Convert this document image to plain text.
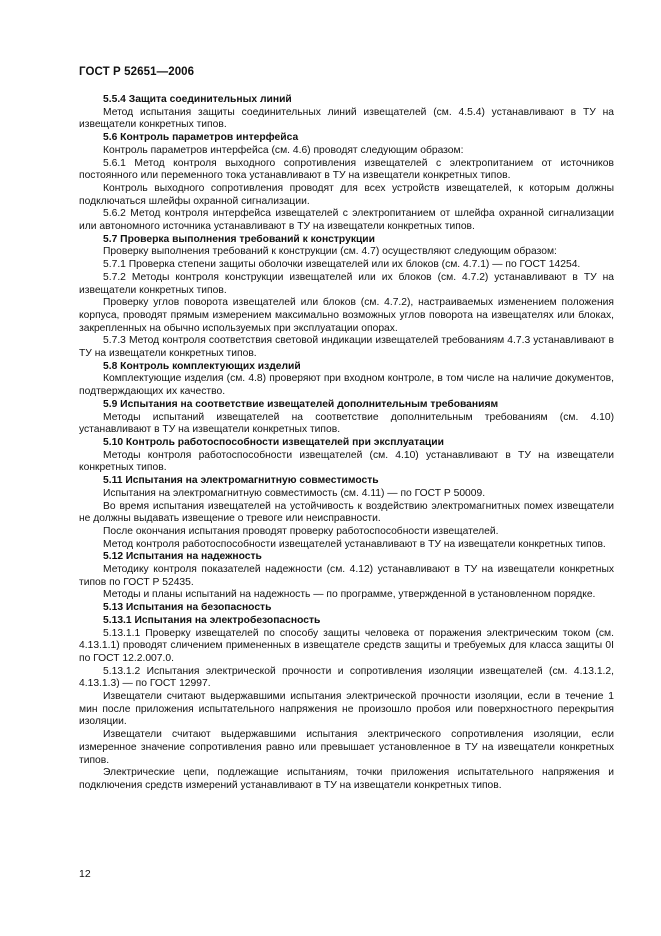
ГОСТ Р 52651—2006

5.5.4 Защита соединительных линий

Метод испытания защиты соединительных линий извещателей (см. 4.5.4) устанавливают в ТУ на извещатели конкретных типов.

5.6 Контроль параметров интерфейса

Контроль параметров интерфейса (см. 4.6) проводят следующим образом:

5.6.1 Метод контроля выходного сопротивления извещателей с электропитанием от источников постоянного или переменного тока устанавливают в ТУ на извещатели конкретных типов.

Контроль выходного сопротивления проводят для всех устройств извещателей, к которым должны подключаться шлейфы охранной сигнализации.

5.6.2 Метод контроля интерфейса извещателей с электропитанием от шлейфа охранной сигнализации или автономного источника устанавливают в ТУ на извещатели конкретных типов.

5.7 Проверка выполнения требований к конструкции

Проверку выполнения требований к конструкции (см. 4.7) осуществляют следующим образом:

5.7.1 Проверка степени защиты оболочки извещателей или их блоков (см. 4.7.1) — по ГОСТ 14254.

5.7.2 Методы контроля конструкции извещателей или их блоков (см. 4.7.2) устанавливают в ТУ на извещатели конкретных типов.

Проверку углов поворота извещателей или блоков (см. 4.7.2), настраиваемых изменением положения корпуса, проводят прямым измерением максимально возможных углов поворота на извещателях или блоках, закрепленных на обычно используемых при эксплуатации опорах.

5.7.3 Метод контроля соответствия световой индикации извещателей требованиям 4.7.3 устанавливают в ТУ на извещатели конкретных типов.

5.8 Контроль комплектующих изделий

Комплектующие изделия (см. 4.8) проверяют при входном контроле, в том числе на наличие документов, подтверждающих их качество.

5.9 Испытания на соответствие извещателей дополнительным требованиям

Методы испытаний извещателей на соответствие дополнительным требованиям (см. 4.10) устанавливают в ТУ на извещатели конкретных типов.

5.10 Контроль работоспособности извещателей при эксплуатации

Методы контроля работоспособности извещателей (см. 4.10) устанавливают в ТУ на извещатели конкретных типов.

5.11 Испытания на электромагнитную совместимость

Испытания на электромагнитную совместимость (см. 4.11) — по ГОСТ Р 50009.

Во время испытания извещателей на устойчивость к воздействию электромагнитных помех извещатели не должны выдавать извещение о тревоге или неисправности.

После окончания испытания проводят проверку работоспособности извещателей.

Метод контроля работоспособности извещателей устанавливают в ТУ на извещатели конкретных типов.

5.12 Испытания на надежность

Методику контроля показателей надежности (см. 4.12) устанавливают в ТУ на извещатели конкретных типов по ГОСТ Р 52435.

Методы и планы испытаний на надежность — по программе, утвержденной в установленном порядке.

5.13 Испытания на безопасность

5.13.1 Испытания на электробезопасность

5.13.1.1 Проверку извещателей по способу защиты человека от поражения электрическим током (см. 4.13.1.1) проводят сличением примененных в извещателе средств защиты и требуемых для класса защиты 0I по ГОСТ 12.2.007.0.

5.13.1.2 Испытания электрической прочности и сопротивления изоляции извещателей (см. 4.13.1.2, 4.13.1.3) — по ГОСТ 12997.

Извещатели считают выдержавшими испытания электрической прочности изоляции, если в течение 1 мин после приложения испытательного напряжения не произошло пробоя или поверхностного перекрытия изоляции.

Извещатели считают выдержавшими испытания электрического сопротивления изоляции, если измеренное значение сопротивления равно или превышает установленное в ТУ на извещатели конкретных типов.

Электрические цепи, подлежащие испытаниям, точки приложения испытательного напряжения и подключения средств измерений устанавливают в ТУ на извещатели конкретных типов.

12
